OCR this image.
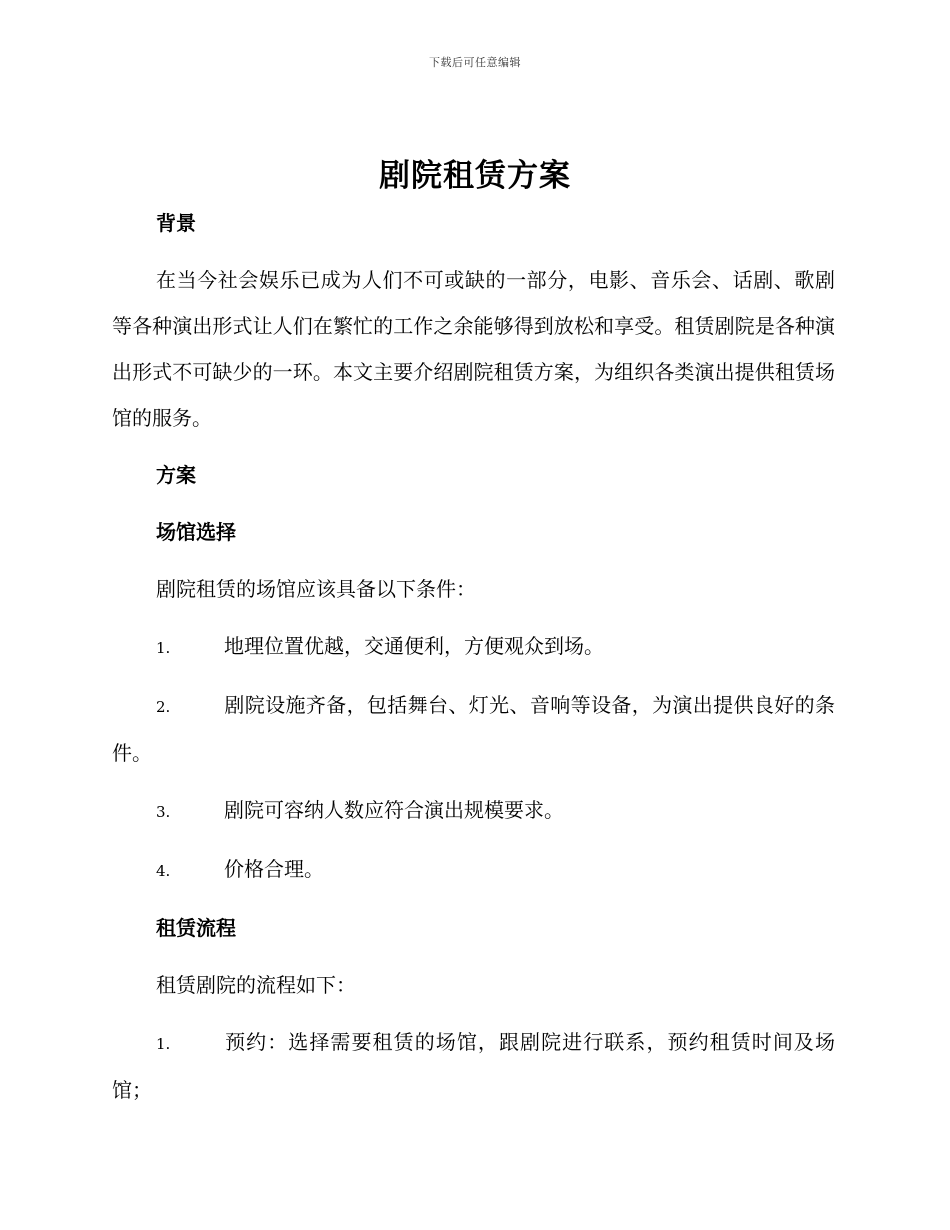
下载后可任意编辑
剧院租赁方案

背景

在当今社会娱乐已成为人们不可或缺的一部分，电影、音乐会、话剧、歌剧等各种演出形式让人们在繁忙的工作之余能够得到放松和享受。租赁剧院是各种演出形式不可缺少的一环。本文主要介绍剧院租赁方案，为组织各类演出提供租赁场馆的服务。

方案

场馆选择

剧院租赁的场馆应该具备以下条件：

1.	地理位置优越，交通便利，方便观众到场。

2.	剧院设施齐备，包括舞台、灯光、音响等设备，为演出提供良好的条件。

3.	剧院可容纳人数应符合演出规模要求。

4.	价格合理。

租赁流程

租赁剧院的流程如下：

1.	预约：选择需要租赁的场馆，跟剧院进行联系，预约租赁时间及场馆；
